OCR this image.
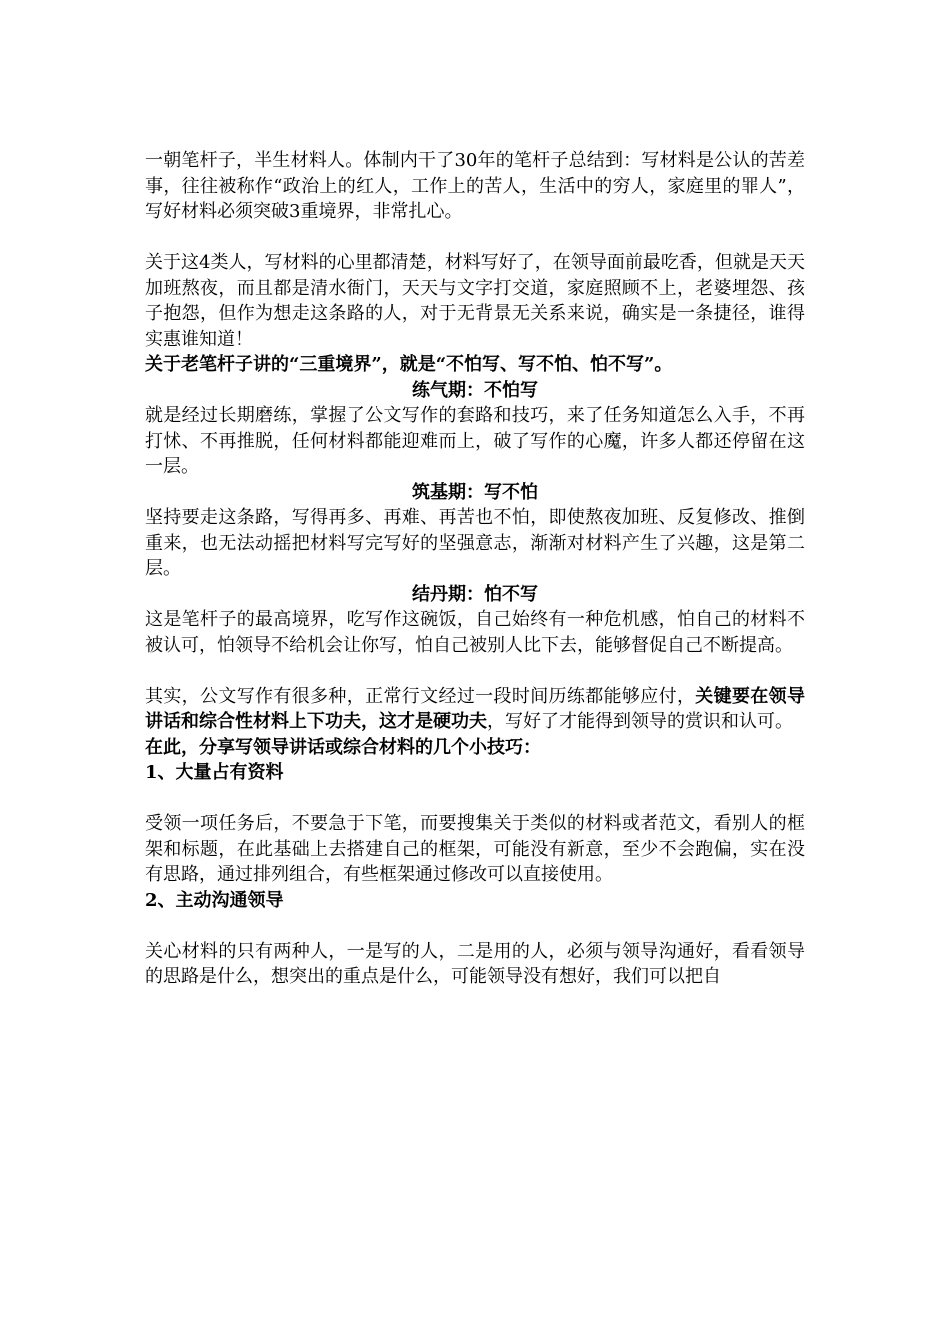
一朝笔杆子，半生材料人。体制内干了30年的笔杆子总结到：写材料是公认的苦差事，往往被称作“政治上的红人，工作上的苦人，生活中的穷人，家庭里的罪人”，写好材料必须突破3重境界，非常扎心。

关于这4类人，写材料的心里都清楚，材料写好了，在领导面前最吃香，但就是天天加班熬夜，而且都是清水衙门，天天与文字打交道，家庭照顾不上，老婆埋怨、孩子抱怨，但作为想走这条路的人，对于无背景无关系来说，确实是一条捷径，谁得实惠谁知道！

关于老笔杆子讲的“三重境界”，就是“不怕写、写不怕、怕不写”。

练气期：不怕写

就是经过长期磨练，掌握了公文写作的套路和技巧，来了任务知道怎么入手，不再打怵、不再推脱，任何材料都能迎难而上，破了写作的心魔，许多人都还停留在这一层。

筑基期：写不怕

坚持要走这条路，写得再多、再难、再苦也不怕，即使熬夜加班、反复修改、推倒重来，也无法动摇把材料写完写好的坚强意志，渐渐对材料产生了兴趣，这是第二层。

结丹期：怕不写

这是笔杆子的最高境界，吃写作这碗饭，自己始终有一种危机感，怕自己的材料不被认可，怕领导不给机会让你写，怕自己被别人比下去，能够督促自己不断提高。

其实，公文写作有很多种，正常行文经过一段时间历练都能够应付，关键要在领导讲话和综合性材料上下功夫，这才是硬功夫，写好了才能得到领导的赏识和认可。

在此，分享写领导讲话或综合材料的几个小技巧：

1、大量占有资料

受领一项任务后，不要急于下笔，而要搜集关于类似的材料或者范文，看别人的框架和标题，在此基础上去搭建自己的框架，可能没有新意，至少不会跑偏，实在没有思路，通过排列组合，有些框架通过修改可以直接使用。

2、主动沟通领导

关心材料的只有两种人，一是写的人，二是用的人，必须与领导沟通好，看看领导的思路是什么，想突出的重点是什么，可能领导没有想好，我们可以把自
